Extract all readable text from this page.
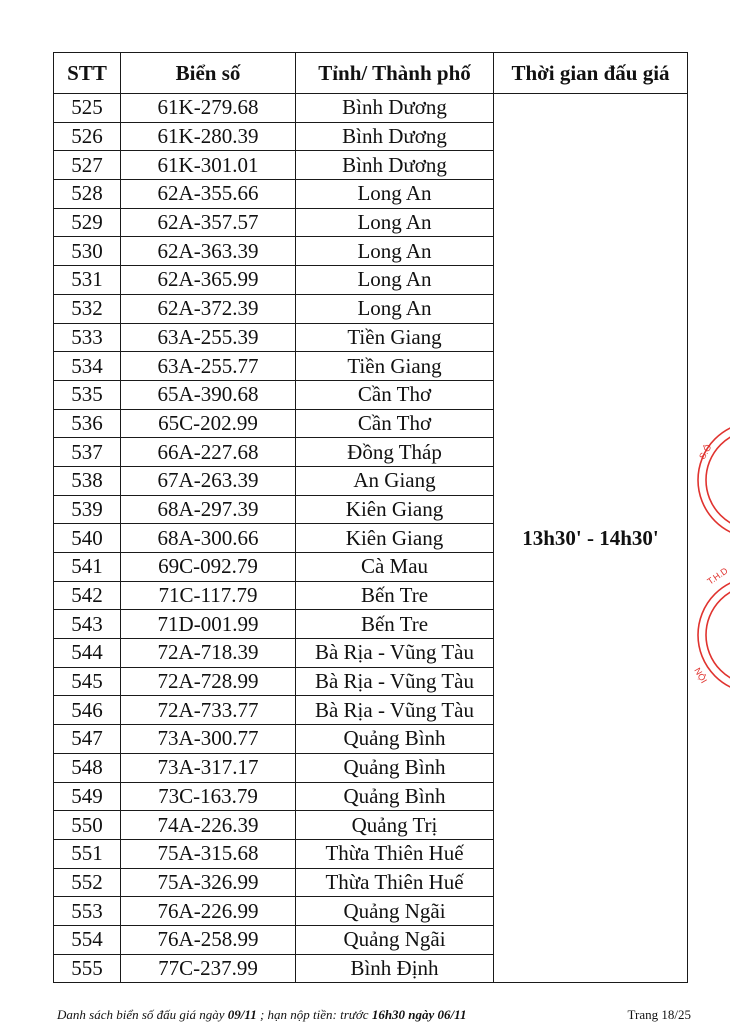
STT	Biển số	Tỉnh/ Thành phố	Thời gian đấu giá
525	61K-279.68	Bình Dương	13h30' - 14h30'
526	61K-280.39	Bình Dương	
527	61K-301.01	Bình Dương	
528	62A-355.66	Long An	
529	62A-357.57	Long An	
530	62A-363.39	Long An	
531	62A-365.99	Long An	
532	62A-372.39	Long An	
533	63A-255.39	Tiền Giang	
534	63A-255.77	Tiền Giang	
535	65A-390.68	Cần Thơ	
536	65C-202.99	Cần Thơ	
537	66A-227.68	Đồng Tháp	
538	67A-263.39	An Giang	
539	68A-297.39	Kiên Giang	
540	68A-300.66	Kiên Giang	
541	69C-092.79	Cà Mau	
542	71C-117.79	Bến Tre	
543	71D-001.99	Bến Tre	
544	72A-718.39	Bà Rịa - Vũng Tàu	
545	72A-728.99	Bà Rịa - Vũng Tàu	
546	72A-733.77	Bà Rịa - Vũng Tàu	
547	73A-300.77	Quảng Bình	
548	73A-317.17	Quảng Bình	
549	73C-163.79	Quảng Bình	
550	74A-226.39	Quảng Trị	
551	75A-315.68	Thừa Thiên Huế	
552	75A-326.99	Thừa Thiên Huế	
553	76A-226.99	Quảng Ngãi	
554	76A-258.99	Quảng Ngãi	
555	77C-237.99	Bình Định	
Danh sách biển số đấu giá ngày 09/11 ; hạn nộp tiền: trước 16h30 ngày 06/11	Trang 18/25
S.Ô
T.H.D
NỘI
